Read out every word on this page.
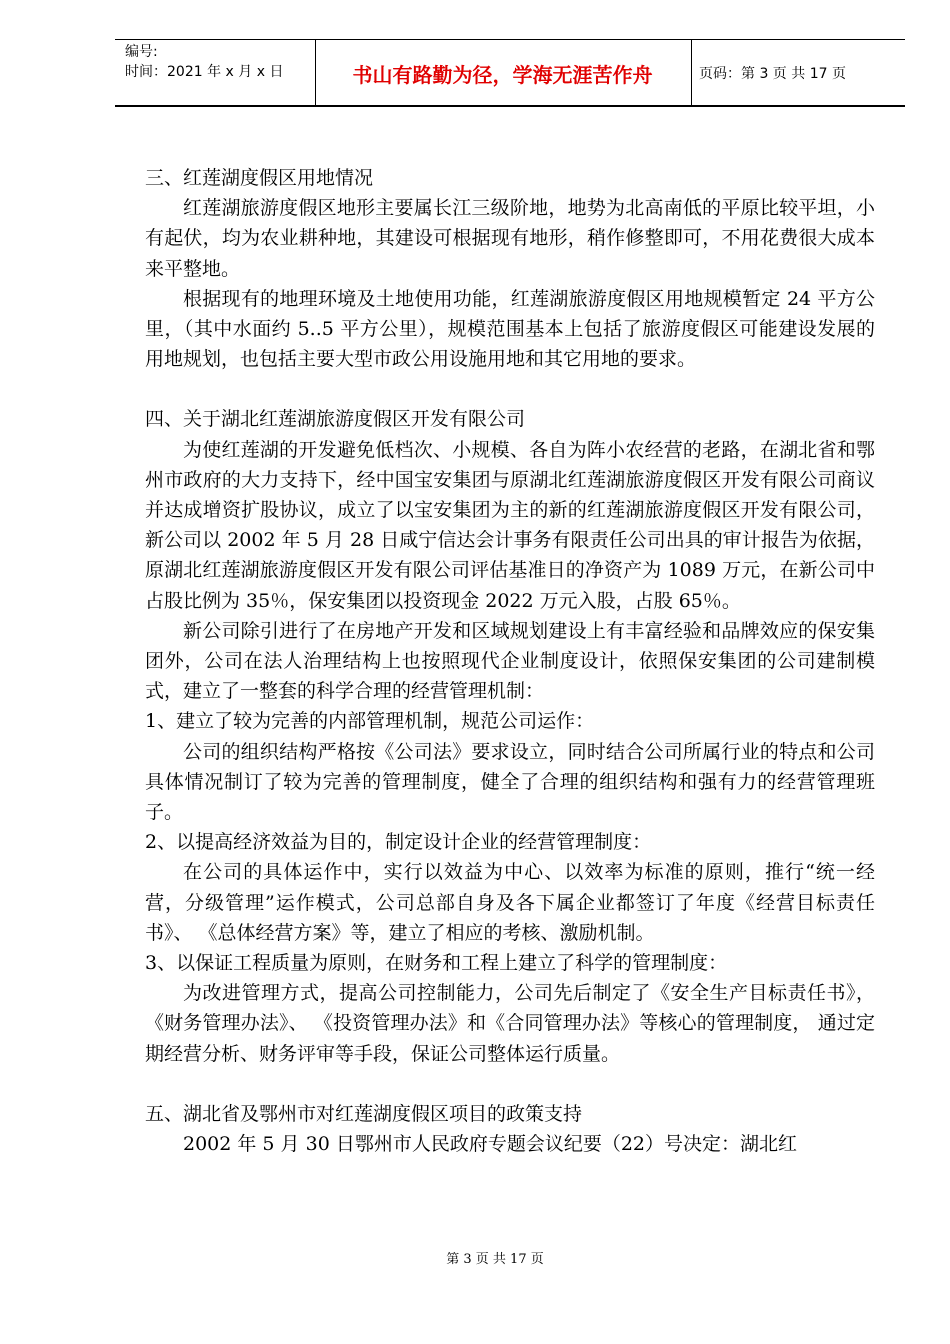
编号:
时间：2021 年 x 月 x 日	书山有路勤为径，学海无涯苦作舟	页码：第 3 页 共 17 页

三、红莲湖度假区用地情况

红莲湖旅游度假区地形主要属长江三级阶地，地势为北高南低的平原比较平坦，小有起伏，均为农业耕种地，其建设可根据现有地形，稍作修整即可，不用花费很大成本来平整地。

根据现有的地理环境及土地使用功能，红莲湖旅游度假区用地规模暂定 24 平方公里，（其中水面约 5..5 平方公里），规模范围基本上包括了旅游度假区可能建设发展的用地规划，也包括主要大型市政公用设施用地和其它用地的要求。

四、关于湖北红莲湖旅游度假区开发有限公司

为使红莲湖的开发避免低档次、小规模、各自为阵小农经营的老路，在湖北省和鄂州市政府的大力支持下，经中国宝安集团与原湖北红莲湖旅游度假区开发有限公司商议并达成增资扩股协议，成立了以宝安集团为主的新的红莲湖旅游度假区开发有限公司，新公司以 2002 年 5 月 28 日咸宁信达会计事务有限责任公司出具的审计报告为依据，原湖北红莲湖旅游度假区开发有限公司评估基准日的净资产为 1089 万元，在新公司中占股比例为 35％，保安集团以投资现金 2022 万元入股，占股 65％。

新公司除引进行了在房地产开发和区域规划建设上有丰富经验和品牌效应的保安集团外，公司在法人治理结构上也按照现代企业制度设计，依照保安集团的公司建制模式，建立了一整套的科学合理的经营管理机制：

1、建立了较为完善的内部管理机制，规范公司运作：

公司的组织结构严格按《公司法》要求设立，同时结合公司所属行业的特点和公司具体情况制订了较为完善的管理制度，健全了合理的组织结构和强有力的经营管理班子。

2、以提高经济效益为目的，制定设计企业的经营管理制度：

在公司的具体运作中，实行以效益为中心、以效率为标准的原则，推行“统一经营，分级管理”运作模式，公司总部自身及各下属企业都签订了年度《经营目标责任书》、 《总体经营方案》等，建立了相应的考核、激励机制。

3、以保证工程质量为原则，在财务和工程上建立了科学的管理制度：

为改进管理方式，提高公司控制能力，公司先后制定了《安全生产目标责任书》，《财务管理办法》、 《投资管理办法》和《合同管理办法》等核心的管理制度， 通过定期经营分析、财务评审等手段，保证公司整体运行质量。

五、湖北省及鄂州市对红莲湖度假区项目的政策支持

2002 年 5 月 30 日鄂州市人民政府专题会议纪要（22）号决定：湖北红

第 3 页 共 17 页
